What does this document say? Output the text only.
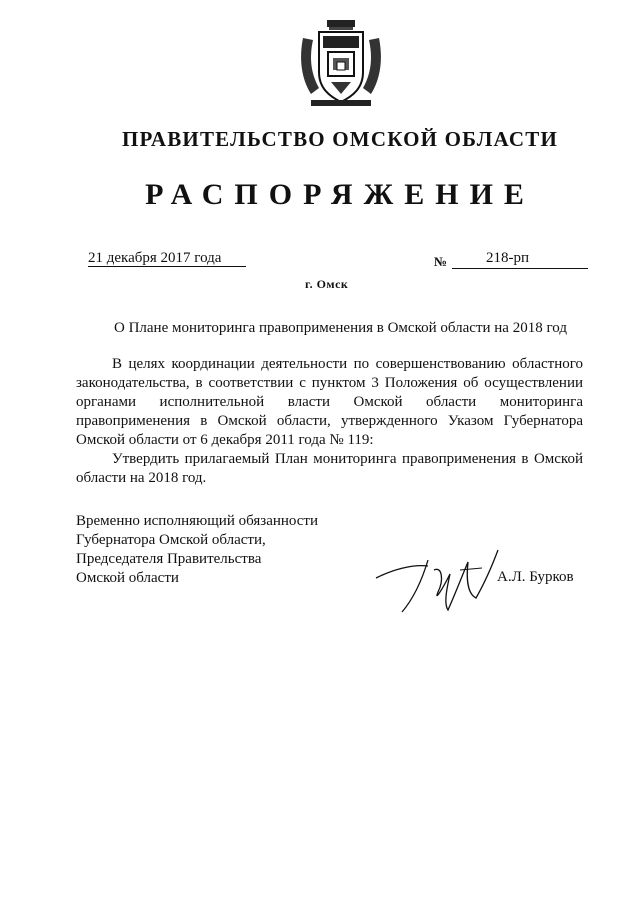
ПРАВИТЕЛЬСТВО ОМСКОЙ ОБЛАСТИ
РАСПОРЯЖЕНИЕ
21 декабря 2017 года	№	218-рп
г. Омск
О Плане мониторинга правоприменения в Омской области на 2018 год

В целях координации деятельности по совершенствованию областного законодательства, в соответствии с пунктом 3 Положения об осуществлении органами исполнительной власти Омской области мониторинга правоприменения в Омской области, утвержденного Указом Губернатора Омской области от 6 декабря 2011 года № 119:

Утвердить прилагаемый План мониторинга правоприменения в Омской области на 2018 год.

Временно исполняющий обязанности
Губернатора Омской области,
Председателя Правительства
Омской области	А.Л. Бурков
